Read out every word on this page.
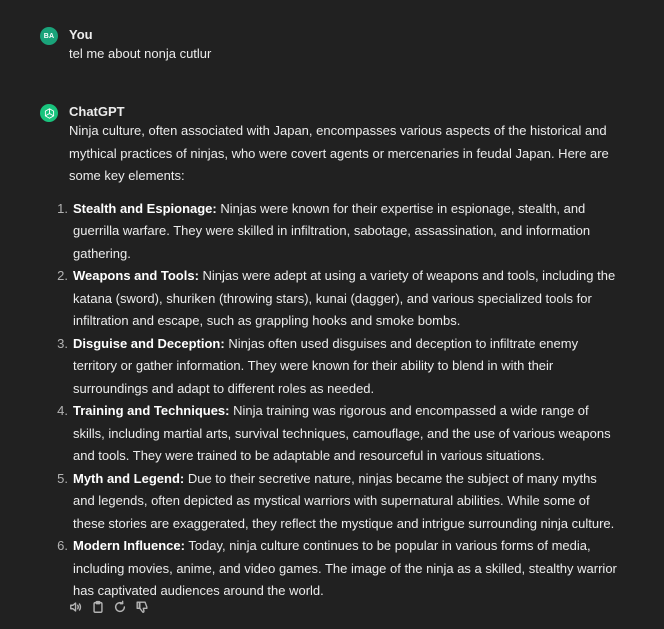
BA You
tel me about nonja cutlur
ChatGPT

Ninja culture, often associated with Japan, encompasses various aspects of the historical and mythical practices of ninjas, who were covert agents or mercenaries in feudal Japan. Here are some key elements:

1. Stealth and Espionage: Ninjas were known for their expertise in espionage, stealth, and guerrilla warfare. They were skilled in infiltration, sabotage, assassination, and information gathering.
2. Weapons and Tools: Ninjas were adept at using a variety of weapons and tools, including the katana (sword), shuriken (throwing stars), kunai (dagger), and various specialized tools for infiltration and escape, such as grappling hooks and smoke bombs.
3. Disguise and Deception: Ninjas often used disguises and deception to infiltrate enemy territory or gather information. They were known for their ability to blend in with their surroundings and adapt to different roles as needed.
4. Training and Techniques: Ninja training was rigorous and encompassed a wide range of skills, including martial arts, survival techniques, camouflage, and the use of various weapons and tools. They were trained to be adaptable and resourceful in various situations.
5. Myth and Legend: Due to their secretive nature, ninjas became the subject of many myths and legends, often depicted as mystical warriors with supernatural abilities. While some of these stories are exaggerated, they reflect the mystique and intrigue surrounding ninja culture.
6. Modern Influence: Today, ninja culture continues to be popular in various forms of media, including movies, anime, and video games. The image of the ninja as a skilled, stealthy warrior has captivated audiences around the world.
